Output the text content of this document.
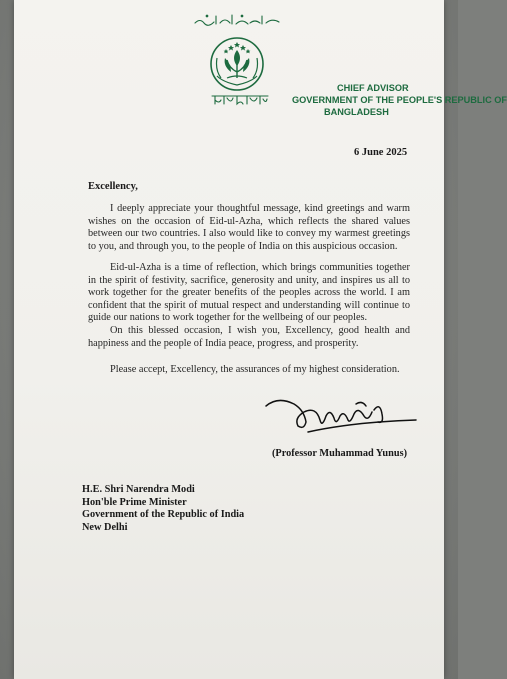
CHIEF ADVISOR
GOVERNMENT OF THE PEOPLE'S REPUBLIC OF
BANGLADESH
6 June 2025
Excellency,
I deeply appreciate your thoughtful message, kind greetings and warm wishes on the occasion of Eid-ul-Azha, which reflects the shared values between our two countries. I also would like to convey my warmest greetings to you, and through you, to the people of India on this auspicious occasion.
Eid-ul-Azha is a time of reflection, which brings communities together in the spirit of festivity, sacrifice, generosity and unity, and inspires us all to work together for the greater benefits of the peoples across the world. I am confident that the spirit of mutual respect and understanding will continue to guide our nations to work together for the wellbeing of our peoples.
On this blessed occasion, I wish you, Excellency, good health and happiness and the people of India peace, progress, and prosperity.
Please accept, Excellency, the assurances of my highest consideration.
(Professor Muhammad Yunus)
H.E. Shri Narendra Modi
Hon'ble Prime Minister
Government of the Republic of India
New Delhi
